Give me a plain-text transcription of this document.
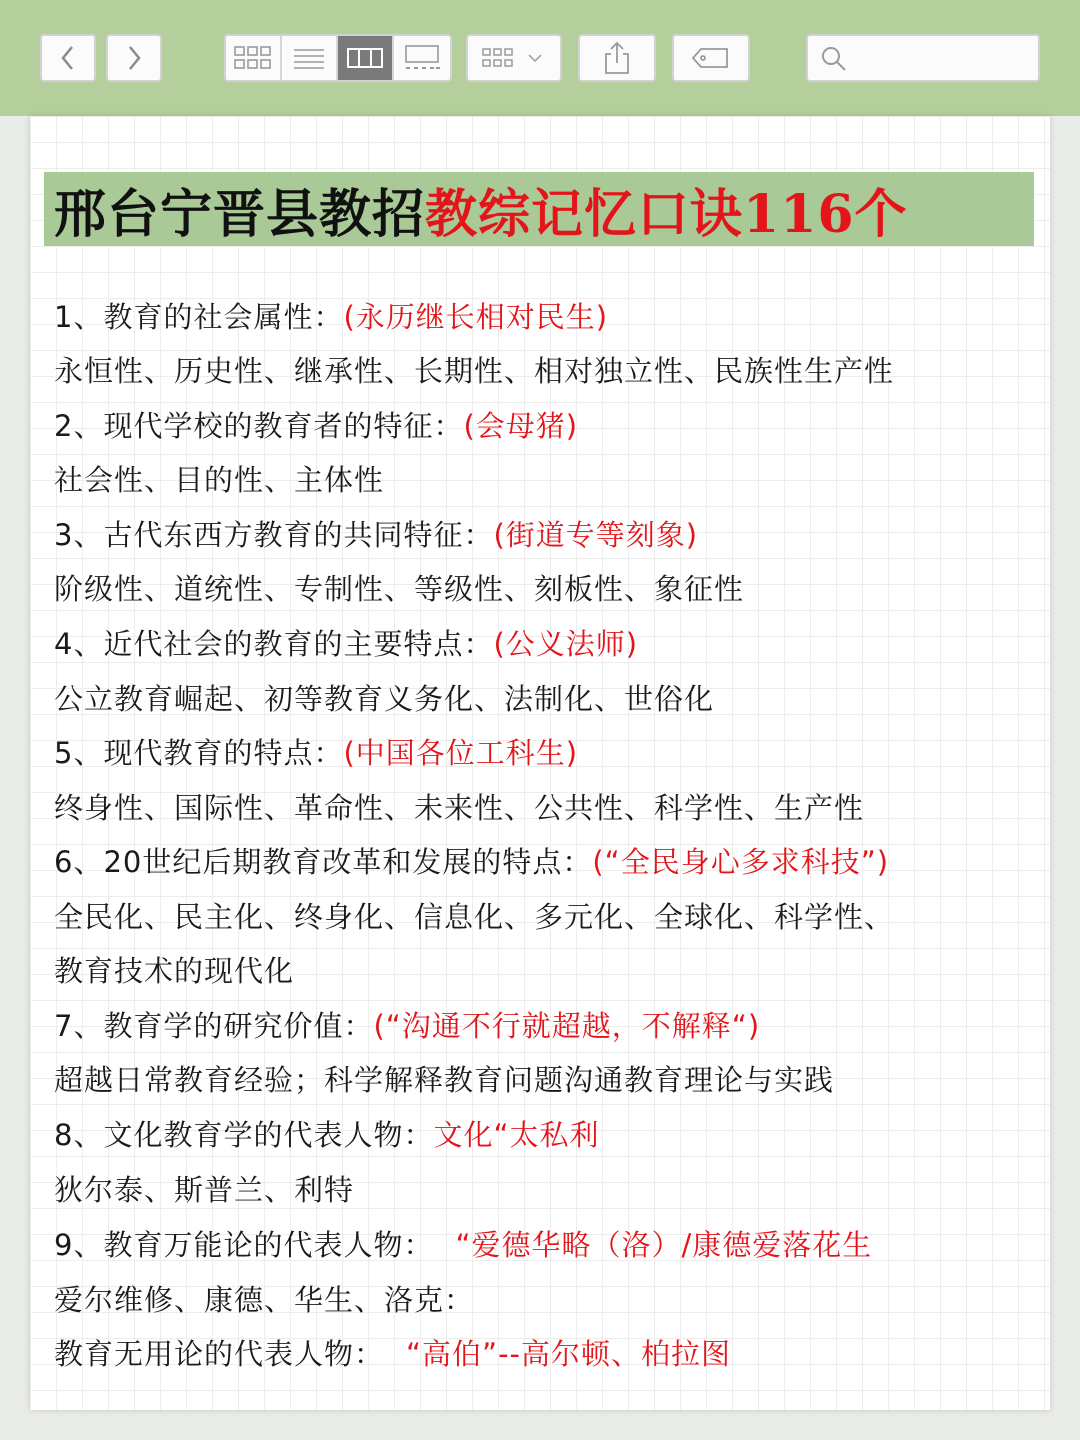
邢台宁晋县教招 教综记忆口诀116个
1、教育的社会属性：(永历继长相对民生)
永恒性、历史性、继承性、长期性、相对独立性、民族性生产性
2、现代学校的教育者的特征：(会母猪)
社会性、目的性、主体性
3、古代东西方教育的共同特征：(街道专等刻象)
阶级性、道统性、专制性、等级性、刻板性、象征性
4、近代社会的教育的主要特点：(公义法师)
公立教育崛起、初等教育义务化、法制化、世俗化
5、现代教育的特点：(中国各位工科生)
终身性、国际性、革命性、未来性、公共性、科学性、生产性
6、20世纪后期教育改革和发展的特点：(“全民身心多求科技”)
全民化、民主化、终身化、信息化、多元化、全球化、科学性、
教育技术的现代化
7、教育学的研究价值：(“沟通不行就超越，不解释“)
超越日常教育经验；科学解释教育问题沟通教育理论与实践
8、文化教育学的代表人物：文化“太私利
狄尔泰、斯普兰、利特
9、教育万能论的代表人物： “爱德华略（洛）/康德爱落花生
爱尔维修、康德、华生、洛克：
教育无用论的代表人物： “高伯”--高尔顿、柏拉图
